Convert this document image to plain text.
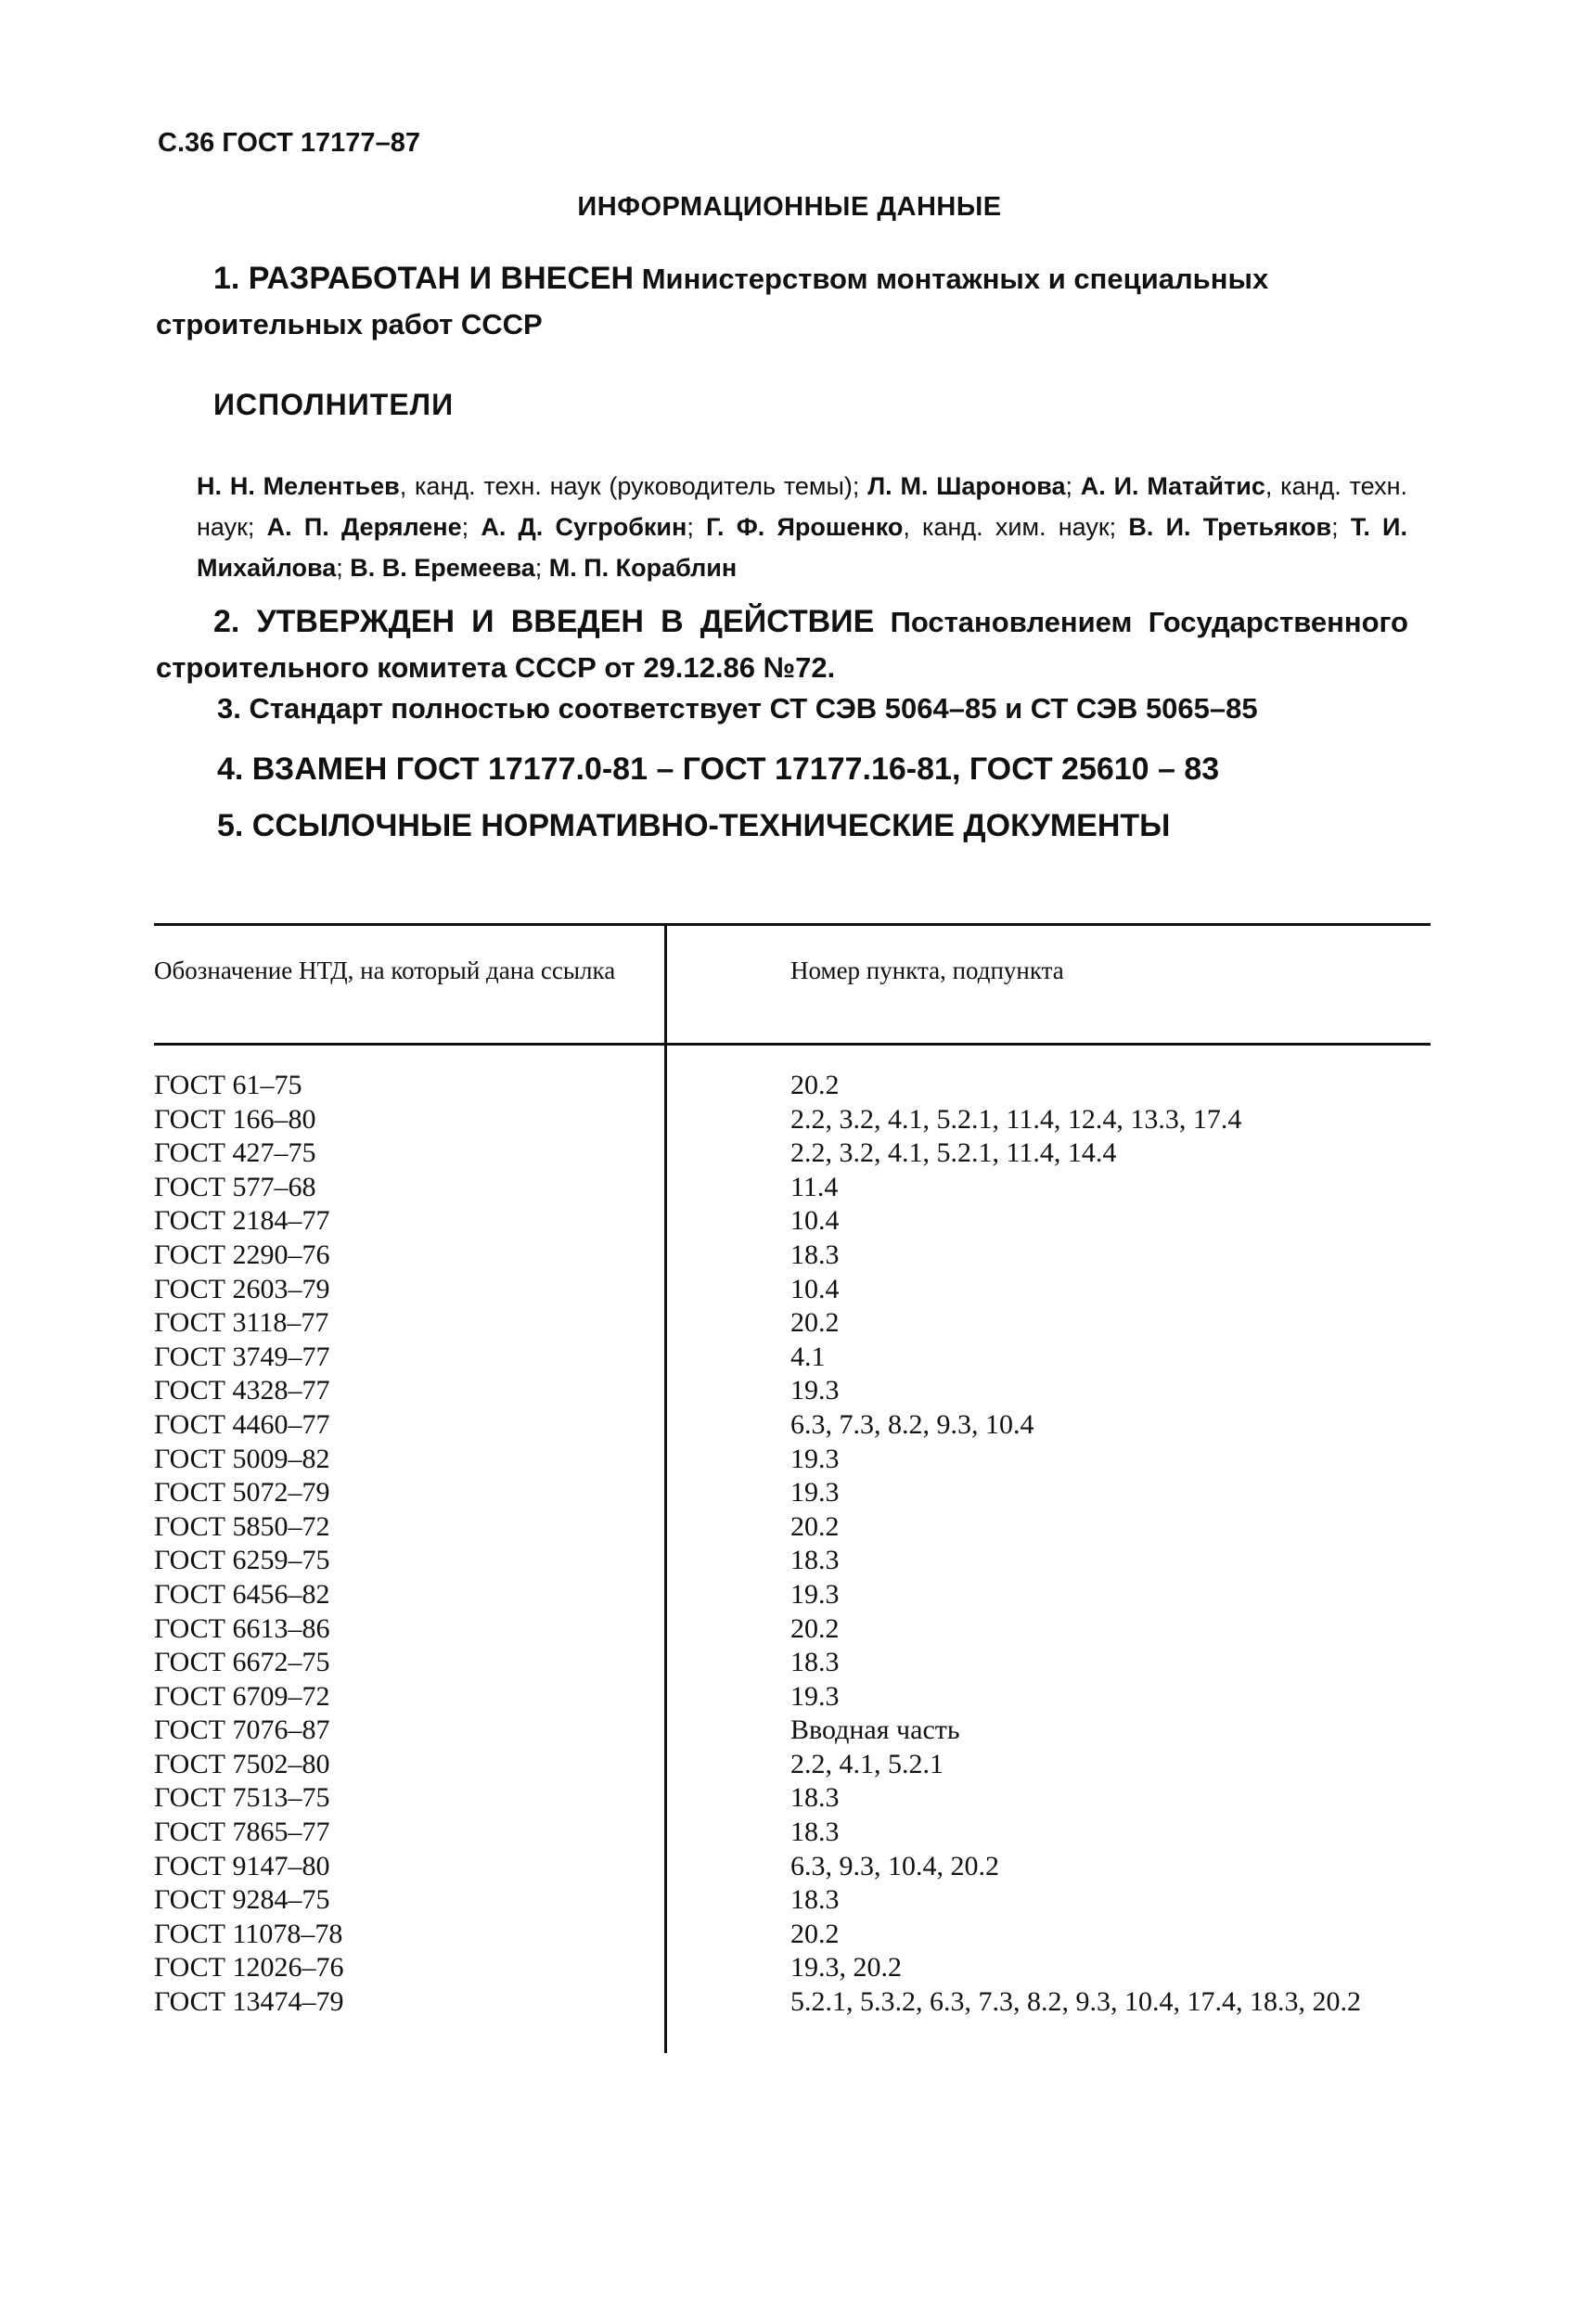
С.36 ГОСТ 17177–87
ИНФОРМАЦИОННЫЕ ДАННЫЕ
1. РАЗРАБОТАН И ВНЕСЕН Министерством монтажных и специальных строительных работ СССР
ИСПОЛНИТЕЛИ
Н. Н. Мелентьев, канд. техн. наук (руководитель темы); Л. М. Шаронова; А. И. Матайтис, канд. техн. наук; А. П. Дерялене; А. Д. Сугробкин; Г. Ф. Ярошенко, канд. хим. наук; В. И. Третьяков; Т. И. Михайлова; В. В. Еремеева; М. П. Кораблин
2. УТВЕРЖДЕН И ВВЕДЕН В ДЕЙСТВИЕ Постановлением Государственного строительного комитета СССР от 29.12.86 №72.
3. Стандарт полностью соответствует СТ СЭВ 5064–85 и СТ СЭВ 5065–85
4. ВЗАМЕН ГОСТ 17177.0-81 – ГОСТ 17177.16-81, ГОСТ 25610 – 83
5. ССЫЛОЧНЫЕ НОРМАТИВНО-ТЕХНИЧЕСКИЕ ДОКУМЕНТЫ
Обозначение НТД, на который дана ссылка	Номер пункта, подпункта
ГОСТ 61–75
ГОСТ 166–80
ГОСТ 427–75
ГОСТ 577–68
ГОСТ 2184–77
ГОСТ 2290–76
ГОСТ 2603–79
ГОСТ 3118–77
ГОСТ 3749–77
ГОСТ 4328–77
ГОСТ 4460–77
ГОСТ 5009–82
ГОСТ 5072–79
ГОСТ 5850–72
ГОСТ 6259–75
ГОСТ 6456–82
ГОСТ 6613–86
ГОСТ 6672–75
ГОСТ 6709–72
ГОСТ 7076–87
ГОСТ 7502–80
ГОСТ 7513–75
ГОСТ 7865–77
ГОСТ 9147–80
ГОСТ 9284–75
ГОСТ 11078–78
ГОСТ 12026–76
ГОСТ 13474–79
20.2
2.2, 3.2, 4.1, 5.2.1, 11.4, 12.4, 13.3, 17.4
2.2, 3.2, 4.1, 5.2.1, 11.4, 14.4
11.4
10.4
18.3
10.4
20.2
4.1
19.3
6.3, 7.3, 8.2, 9.3, 10.4
19.3
19.3
20.2
18.3
19.3
20.2
18.3
19.3
Вводная часть
2.2, 4.1, 5.2.1
18.3
18.3
6.3, 9.3, 10.4, 20.2
18.3
20.2
19.3, 20.2
5.2.1, 5.3.2, 6.3, 7.3, 8.2, 9.3, 10.4, 17.4, 18.3, 20.2
